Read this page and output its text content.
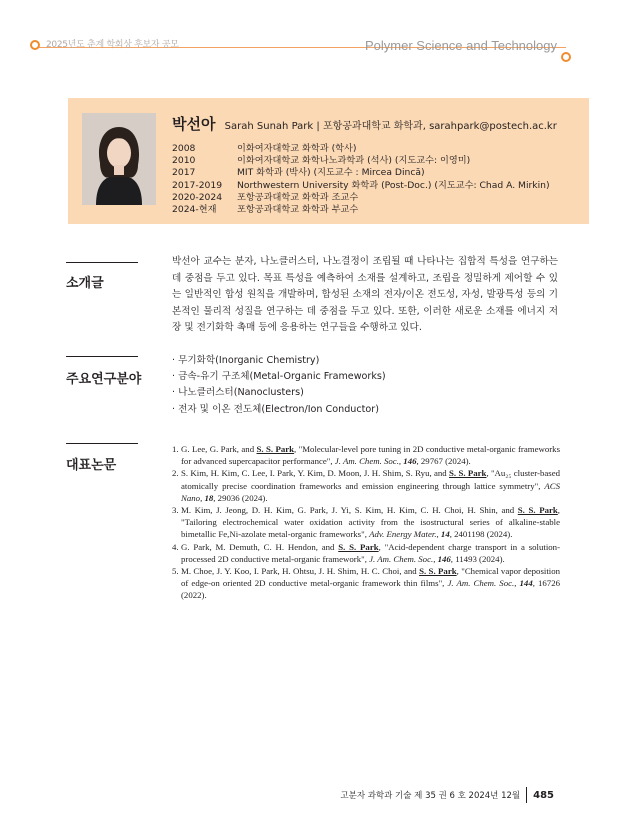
2025년도 춘계 학회상 후보자 공모	Polymer Science and Technology
박선아 Sarah Sunah Park | 포항공과대학교 화학과, sarahpark@postech.ac.kr
2008	이화여자대학교 화학과 (학사)
2010	이화여자대학교 화학나노과학과 (석사) (지도교수: 이영미)
2017	MIT 화학과 (박사) (지도교수 : Mircea Dincă)
2017-2019	Northwestern University 화학과 (Post-Doc.) (지도교수: Chad A. Mirkin)
2020-2024	포항공과대학교 화학과 조교수
2024-현재	포항공과대학교 화학과 부교수
소개글
박선아 교수는 분자, 나노클러스터, 나노결정이 조립될 때 나타나는 집합적 특성을 연구하는 데 중점을 두고 있다. 목표 특성을 예측하여 소재를 설계하고, 조립을 정밀하게 제어할 수 있는 일반적인 합성 원칙을 개발하며, 합성된 소재의 전자/이온 전도성, 자성, 발광특성 등의 기본적인 물리적 성질을 연구하는 데 중점을 두고 있다. 또한, 이러한 새로운 소재를 에너지 저장 및 전기화학 촉매 등에 응용하는 연구들을 수행하고 있다.
주요연구분야
· 무기화학(Inorganic Chemistry)
· 금속-유기 구조체(Metal-Organic Frameworks)
· 나노클러스터(Nanoclusters)
· 전자 및 이온 전도체(Electron/Ion Conductor)
대표논문
1. G. Lee, G. Park, and S. S. Park, "Molecular-level pore tuning in 2D conductive metal-organic frameworks for advanced supercapacitor performance", J. Am. Chem. Soc., 146, 29767 (2024).
2. S. Kim, H. Kim, C. Lee, I. Park, Y. Kim, D. Moon, J. H. Shim, S. Ryu, and S. S. Park, "Au₂₅ cluster-based atomically precise coordination frameworks and emission engineering through lattice symmetry", ACS Nano, 18, 29036 (2024).
3. M. Kim, J. Jeong, D. H. Kim, G. Park, J. Yi, S. Kim, H. Kim, C. H. Choi, H. Shin, and S. S. Park, "Tailoring electrochemical water oxidation activity from the isostructural series of alkaline-stable bimetallic Fe,Ni-azolate metal-organic frameworks", Adv. Energy Mater., 14, 2401198 (2024).
4. G. Park, M. Demuth, C. H. Hendon, and S. S. Park, "Acid-dependent charge transport in a solution-processed 2D conductive metal-organic framework", J. Am. Chem. Soc., 146, 11493 (2024).
5. M. Choe, J. Y. Koo, I. Park, H. Ohtsu, J. H. Shim, H. C. Choi, and S. S. Park, "Chemical vapor deposition of edge-on oriented 2D conductive metal-organic framework thin films", J. Am. Chem. Soc., 144, 16726 (2022).
고분자 과학과 기술 제 35 권 6 호 2024년 12월 485
